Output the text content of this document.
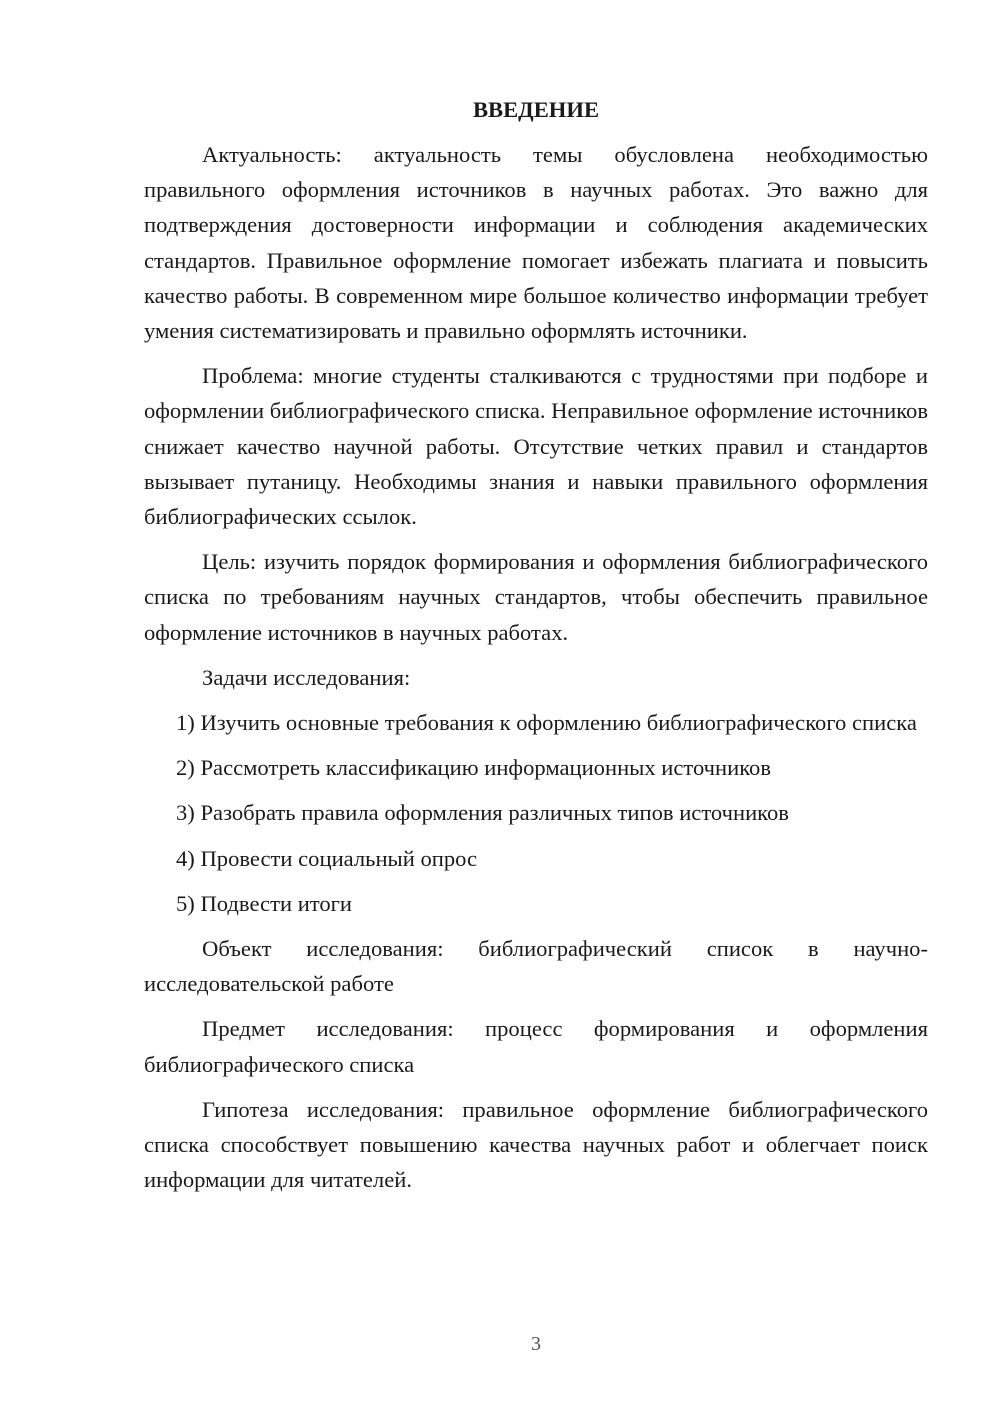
ВВЕДЕНИЕ

Актуальность: актуальность темы обусловлена необходимостью правильного оформления источников в научных работах. Это важно для подтверждения достоверности информации и соблюдения академических стандартов. Правильное оформление помогает избежать плагиата и повысить качество работы. В современном мире большое количество информации требует умения систематизировать и правильно оформлять источники.

Проблема: многие студенты сталкиваются с трудностями при подборе и оформлении библиографического списка. Неправильное оформление источников снижает качество научной работы. Отсутствие четких правил и стандартов вызывает путаницу. Необходимы знания и навыки правильного оформления библиографических ссылок.

Цель: изучить порядок формирования и оформления библиографического списка по требованиям научных стандартов, чтобы обеспечить правильное оформление источников в научных работах.

Задачи исследования:

1) Изучить основные требования к оформлению библиографического списка

2) Рассмотреть классификацию информационных источников

3) Разобрать правила оформления различных типов источников

4) Провести социальный опрос

5) Подвести итоги

Объект исследования: библиографический список в научно-исследовательской работе

Предмет исследования: процесс формирования и оформления библиографического списка

Гипотеза исследования: правильное оформление библиографического списка способствует повышению качества научных работ и облегчает поиск информации для читателей.

3
